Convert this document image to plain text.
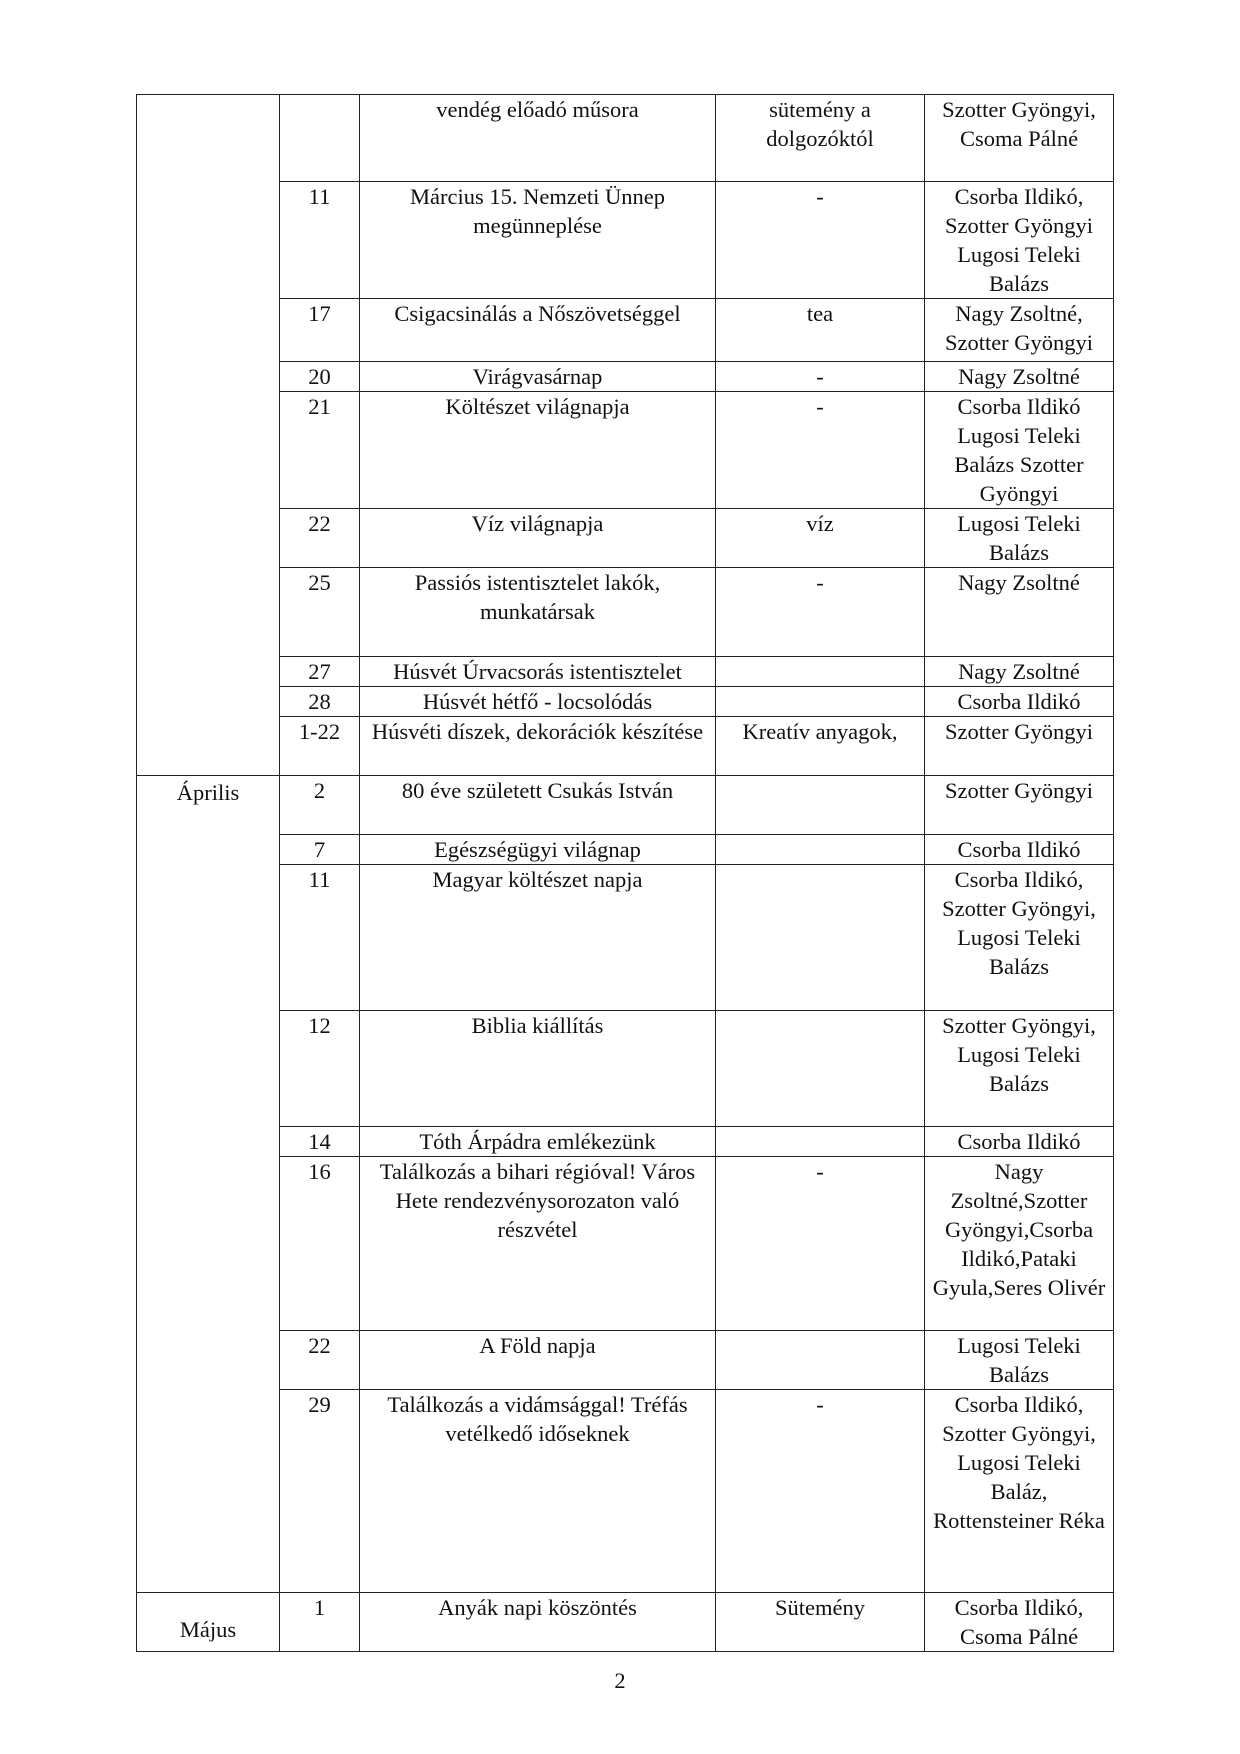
		vendég előadó műsora	sütemény a dolgozóktól	Szotter Gyöngyi, Csoma Pálné
	11	Március 15. Nemzeti Ünnep megünneplése	-	Csorba Ildikó, Szotter Gyöngyi Lugosi Teleki Balázs
	17	Csigacsinálás a Nőszövetséggel	tea	Nagy Zsoltné, Szotter Gyöngyi
	20	Virágvasárnap	-	Nagy Zsoltné
	21	Költészet világnapja	-	Csorba Ildikó Lugosi Teleki Balázs Szotter Gyöngyi
	22	Víz világnapja	víz	Lugosi Teleki Balázs
	25	Passiós istentisztelet lakók, munkatársak	-	Nagy Zsoltné
	27	Húsvét Úrvacsorás istentisztelet		Nagy Zsoltné
	28	Húsvét hétfő - locsolódás		Csorba Ildikó
	1-22	Húsvéti díszek, dekorációk készítése	Kreatív anyagok,	Szotter Gyöngyi

Április	2	80 éve született Csukás István		Szotter Gyöngyi
	7	Egészségügyi világnap		Csorba Ildikó
	11	Magyar költészet napja		Csorba Ildikó, Szotter Gyöngyi, Lugosi Teleki Balázs
	12	Biblia kiállítás		Szotter Gyöngyi, Lugosi Teleki Balázs
	14	Tóth Árpádra emlékezünk		Csorba Ildikó
	16	Találkozás a bihari régióval! Város Hete rendezvénysorozaton való részvétel	-	Nagy Zsoltné,Szotter Gyöngyi,Csorba Ildikó,Pataki Gyula,Seres Olivér
	22	A Föld napja		Lugosi Teleki Balázs
	29	Találkozás a vidámsággal! Tréfás vetélkedő időseknek	-	Csorba Ildikó, Szotter Gyöngyi, Lugosi Teleki Baláz, Rottensteiner Réka

Május	1	Anyák napi köszöntés	Sütemény	Csorba Ildikó, Csoma Pálné
2
